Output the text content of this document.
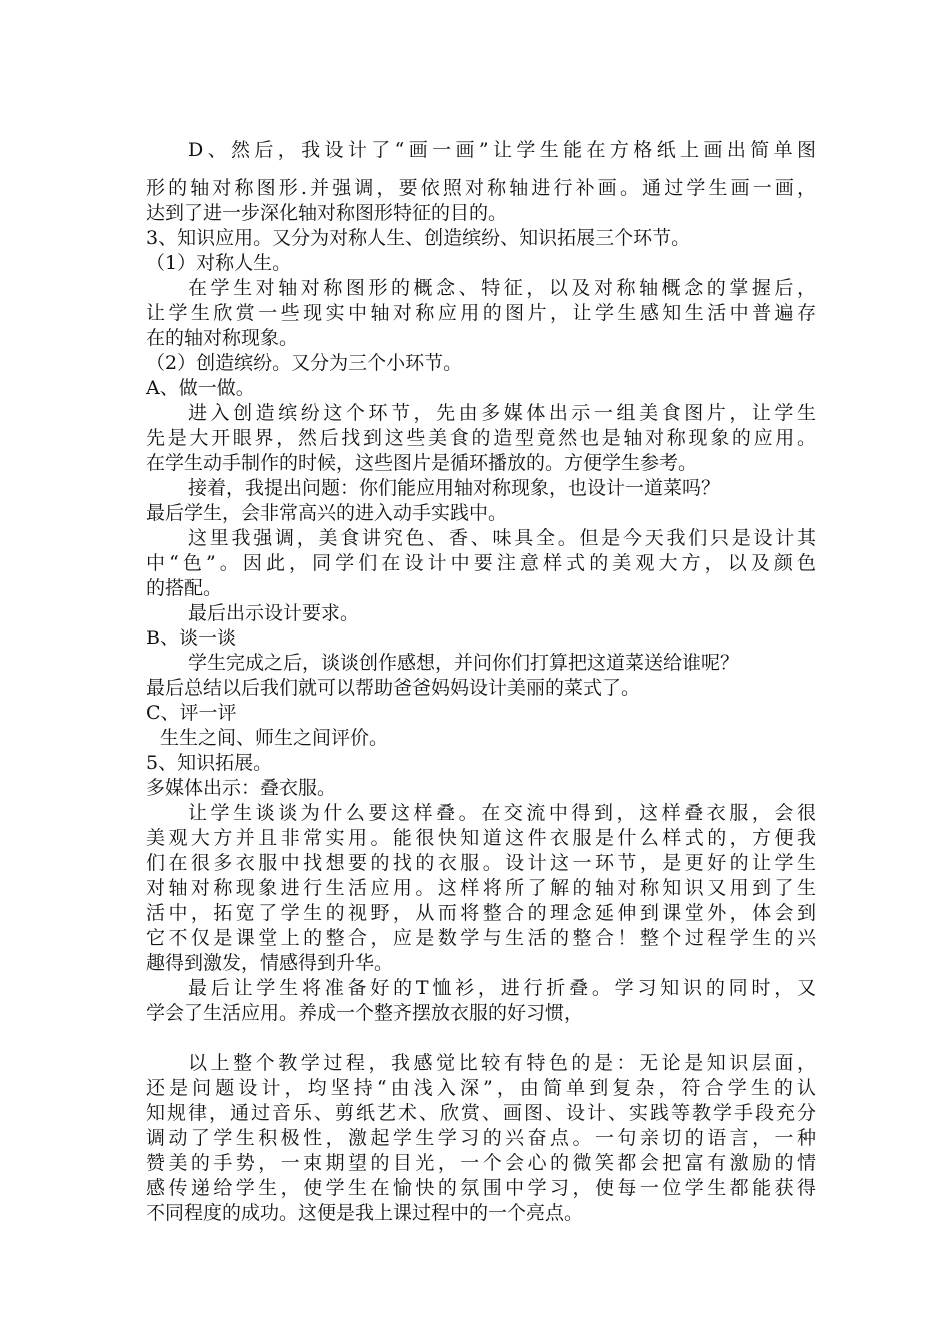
D、然后，我设计了“画一画”让学生能在方格纸上画出简单图
形的轴对称图形.并强调，要依照对称轴进行补画。通过学生画一画，
达到了进一步深化轴对称图形特征的目的。
3、知识应用。又分为对称人生、创造缤纷、知识拓展三个环节。
（1）对称人生。
在学生对轴对称图形的概念、特征，以及对称轴概念的掌握后，
让学生欣赏一些现实中轴对称应用的图片，让学生感知生活中普遍存
在的轴对称现象。
（2）创造缤纷。又分为三个小环节。
A、做一做。
进入创造缤纷这个环节，先由多媒体出示一组美食图片，让学生
先是大开眼界，然后找到这些美食的造型竟然也是轴对称现象的应用。
在学生动手制作的时候，这些图片是循环播放的。方便学生参考。
接着，我提出问题：你们能应用轴对称现象，也设计一道菜吗？
最后学生，会非常高兴的进入动手实践中。
这里我强调，美食讲究色、香、味具全。但是今天我们只是设计其
中“色”。因此，同学们在设计中要注意样式的美观大方，以及颜色
的搭配。
最后出示设计要求。
B、谈一谈
学生完成之后，谈谈创作感想，并问你们打算把这道菜送给谁呢？
最后总结以后我们就可以帮助爸爸妈妈设计美丽的菜式了。
C、评一评
生生之间、师生之间评价。
5、知识拓展。
多媒体出示：叠衣服。
让学生谈谈为什么要这样叠。在交流中得到，这样叠衣服，会很
美观大方并且非常实用。能很快知道这件衣服是什么样式的，方便我
们在很多衣服中找想要的找的衣服。设计这一环节，是更好的让学生
对轴对称现象进行生活应用。这样将所了解的轴对称知识又用到了生
活中，拓宽了学生的视野，从而将整合的理念延伸到课堂外，体会到
它不仅是课堂上的整合，应是数学与生活的整合！整个过程学生的兴
趣得到激发，情感得到升华。
最后让学生将准备好的T恤衫，进行折叠。学习知识的同时，又
学会了生活应用。养成一个整齐摆放衣服的好习惯，
以上整个教学过程，我感觉比较有特色的是：无论是知识层面，
还是问题设计，均坚持“由浅入深”，由简单到复杂，符合学生的认
知规律，通过音乐、剪纸艺术、欣赏、画图、设计、实践等教学手段充分
调动了学生积极性，激起学生学习的兴奋点。一句亲切的语言，一种
赞美的手势，一束期望的目光，一个会心的微笑都会把富有激励的情
感传递给学生，使学生在愉快的氛围中学习，使每一位学生都能获得
不同程度的成功。这便是我上课过程中的一个亮点。
